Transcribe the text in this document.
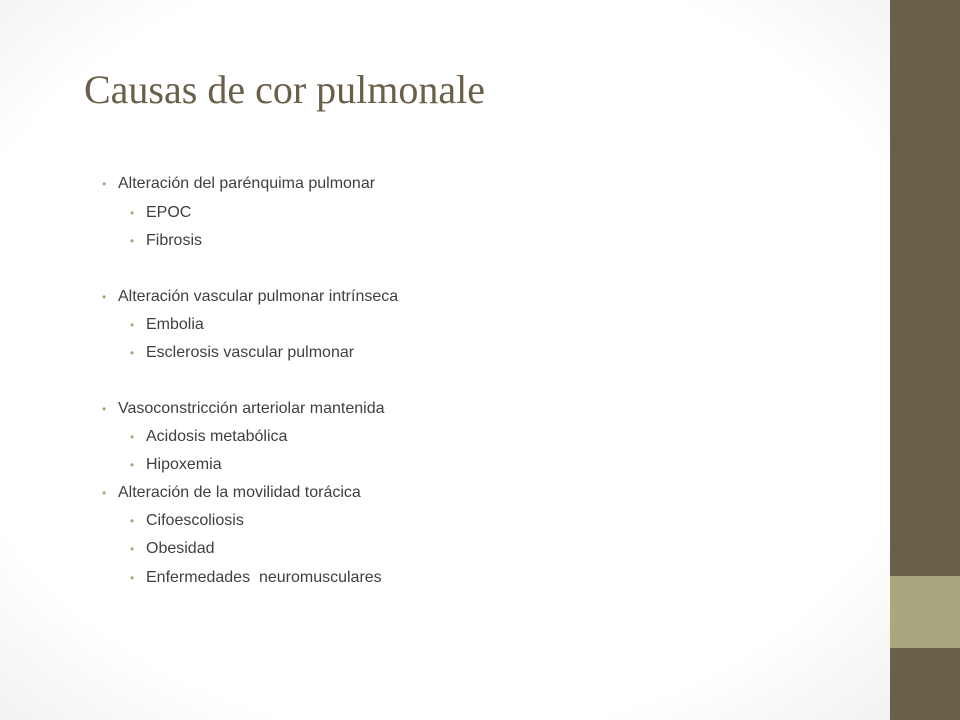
Causas de cor pulmonale
• Alteración del parénquima pulmonar
• EPOC
• Fibrosis
• Alteración vascular pulmonar intrínseca
• Embolia
• Esclerosis vascular pulmonar
• Vasoconstricción arteriolar mantenida
• Acidosis metabólica
• Hipoxemia
• Alteración de la movilidad torácica
• Cifoescoliosis
• Obesidad
• Enfermedades  neuromusculares
